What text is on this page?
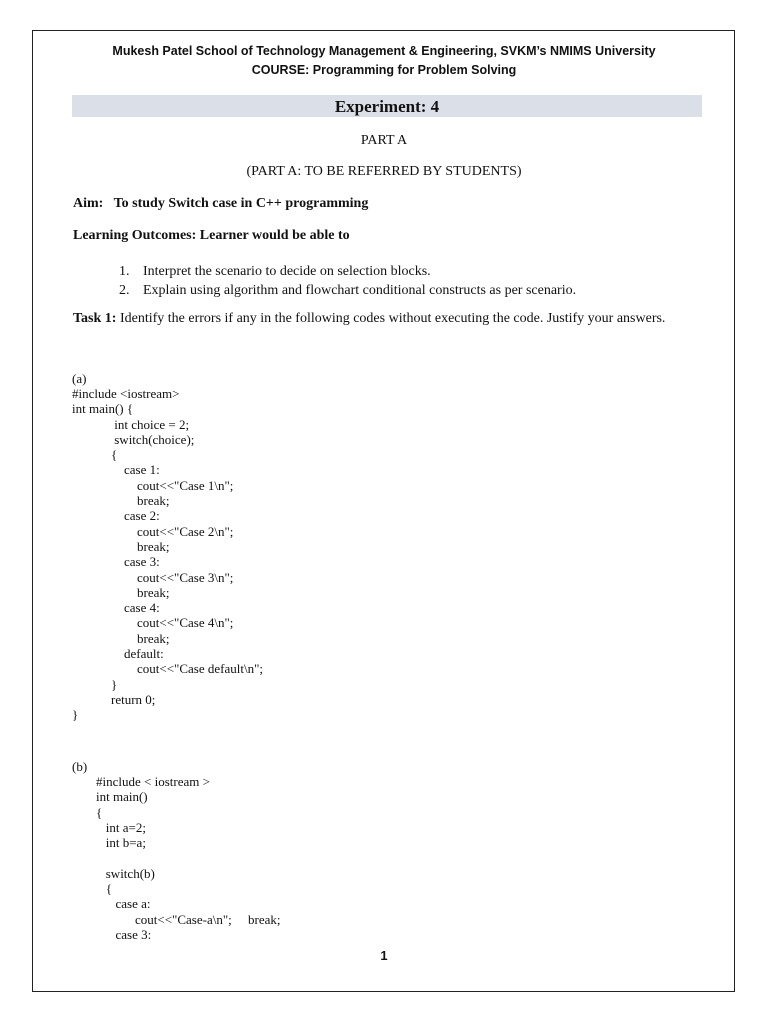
Mukesh Patel School of Technology Management & Engineering, SVKM’s NMIMS University
COURSE: Programming for Problem Solving
Experiment: 4
PART A
(PART A: TO BE REFERRED BY STUDENTS)
Aim: To study Switch case in C++ programming
Learning Outcomes: Learner would be able to
1. Interpret the scenario to decide on selection blocks.
2. Explain using algorithm and flowchart conditional constructs as per scenario.
Task 1: Identify the errors if any in the following codes without executing the code. Justify your answers.
(a)
#include <iostream>
int main() {
int choice = 2;
switch(choice);
{
case 1:
cout<<"Case 1\n";
break;
case 2:
cout<<"Case 2\n";
break;
case 3:
cout<<"Case 3\n";
break;
case 4:
cout<<"Case 4\n";
break;
default:
cout<<"Case default\n";
}
return 0;
}
(b)
#include < iostream >
int main()
{
int a=2;
int b=a;

switch(b)
{
case a:
cout<<"Case-a\n";     break;
case 3:
1
